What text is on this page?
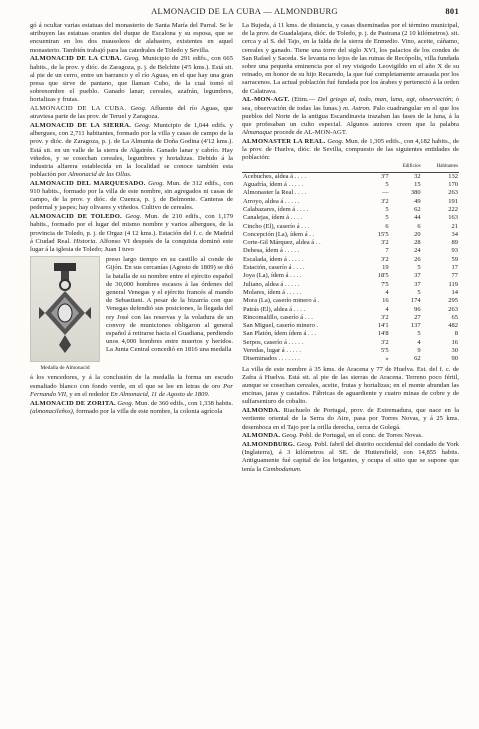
ALMONACID DE LA CUBA — ALMONDBURG	801

gó á ocultar varias estatuas del monasterio de Santa María del Parral. Se le atribuyen las estatuas orantes del duque de Escalona y su esposa, que se encuentran en los dos mausoleos de alabastro, existentes en aquel monasterio. También trabajó para las catedrales de Toledo y Sevilla.

ALMONACID DE LA CUBA. Geog. Municipio de 291 edifs., con 665 habits., de la prov. y dióc. de Zaragoza, p. j. de Belchite (4'5 kms.). Está sit. al pie de un cerro, entre un barranco y el río Aguas, en el que hay una gran presa que sirve de pantano, que llaman Cubo, de la cual tomó el sobrenombre el pueblo. Ganado lanar; cereales, azafrán, legumbres, hortalizas y frutas.

ALMONACID DE LA CUBA. Geog. Afluente del río Aguas, que atraviesa parte de las prov. de Teruel y Zaragoza.

ALMONACID DE LA SIERRA. Geog. Municipio de 1,044 edifs. y albergues, con 2,711 habitantes, formado por la villa y casas de campo de la prov. y dióc. de Zaragoza, p. j. de La Almunia de Doña Godina (4'12 kms.). Está sit. en un valle de la sierra de Algairén. Ganado lanar y cabrío. Hay viñedos, y se cosechan cereales, legumbres y hortalizas. Debido á la industria alfarera establecida en la localidad se conoce también esta población por Almonacid de las Ollas.

ALMONACID DEL MARQUESADO. Geog. Mun. de 312 edifs., con 910 habits., formado por la villa de este nombre, sin agregados ni casas de campo, de la prov. y dióc. de Cuenca, p. j. de Belmonte. Canteras de pedernal y jaspes; hay olivares y viñedos. Cultivo de cereales.

ALMONACID DE TOLEDO. Geog. Mun. de 210 edifs., con 1,179 habits., formado por el lugar del mismo nombre y varios albergues, de la provincia de Toledo, p. j. de Orgaz (4 12 kms.). Estación del f. c. de Madrid á Ciudad Real. Historia. Alfonso VI después de la conquista dominó este lugar á la iglesia de Toledo; Juan I tuvo

Medalla de Almonacid
preso largo tiempo en su castillo al conde de Gijón. En sus cercanías (Agosto de 1809) se dió la batalla de su nombre entre el ejército español de 30,000 hombres escasos á las órdenes del general Venegas y el ejército francés al mando de Sebastiani. A pesar de la bizarría con que Venegas defendió sus posiciones, la llegada del rey José con las reservas y la voladura de un convoy de municiones obligaron al general español á retirarse hacia el Guadiana, perdiendo unos 4,000 hombres entre muertos y heridos. La Junta Central concedió en 1816 una medalla

á los vencedores, y á la conclusión de la medalla la forma un escudo esmaltado blanco con fondo verde, en el que se lee en letras de oro Por Fernando VII, y en el rededor En Almonacid, 11 de Agosto de 1809.

ALMONACID DE ZORITA. Geog. Mun. de 360 edifs., con 1,338 habits. (almonacileños), formado por la villa de este nombre, la colonia agrícola

La Bujeda, á 11 kms. de distancia, y casas diseminadas por el término municipal, de la prov. de Guadalajara, dióc. de Toledo, p. j. de Pastrana (2 10 kilómetros). sit. cerca y al S. del Tajo, en la falda de la sierra de Enmedio. Vino, aceite, cáñamo, cereales y ganado. Tiene una torre del siglo XVI, los palacios de los condes de San Rafael y Saceda. Se levanta no lejos de las ruinas de Recópolis, villa fundada sobre una pequeña eminencia por el rey visigodo Leovigildo en el año X de su reinado, en honor de su hijo Recaredo, la que fué completamente arrasada por los sarracenos. La actual población fué fundada por los árabes y perteneció á la orden de Calatrava.

AL-MON-AGT. (Etim.— Del griego al, todo, man, luna, agt, observación; ó sea, observación de todas las lunas.) m. Astron. Palo cuadrangular en el que los pueblos del Norte de la antigua Escandinavia trazaban las fases de la luna, á la que profesaban un culto especial. Algunos autores creen que la palabra Almanaque procede de AL-MON-AGT.

ALMONASTER LA REAL. Geog. Mun. de 1,305 edifs., con 4,182 habits., de la prov. de Huelva, dióc. de Sevilla, compuesto de las siguientes entidades de población:

		Edificios	Habitantes
Acebuches, aldea á . . . .	3'7	32	132
Aguafría, ídem á . . . . .	5	15	170
Almonaster la Real . . . .	—	380	263
Arroyo, aldea á . . . . .	3'2	49	191
Calabazares, ídem á . . . .	5	62	222
Canalejas, ídem á . . . .	5	44	163
Cincho (El), caserío á . . .	6	6	21
Concepción (La), ídem á . .	15'5	20	34
Corte-Gil Márquez, aldea á . .	3'2	28	89
Dehesa, ídem á . . . . .	7	24	93
Escalada, ídem á . . . . .	3'2	26	59
Estación, caserío á . . . .	19	5	17
Joya (La), ídem á . . . .	18'5	37	77
Juliano, aldea á . . . . .	7'5	37	119
Molares, ídem á . . . . .	4	5	14
Mora (La), caserío minero á .	16	174	295
Patrás (El), aldea á . . . .	4	96	263
Rincomalillo, caserío á . . .	3'2	27	65
San Miguel, caserío minero .	14'1	137	482
San Platón, ídem ídem á . . .	14'8	5	8
Serpos, caserío á . . . . .	3'2	4	16
Veredas, lugar á . . . . .	5'5	9	30
Diseminados . . . . . . .	»	62	90

La villa de este nombre á 35 kms. de Aracena y 77 de Huelva. Est. del f. c. de Zafra á Huelva. Está sit. al pie de las sierras de Aracena. Terreno poco fértil, aunque se cosechan cereales, aceite, frutas y hortalizas; en el monte abundan las encinas, jaras y castaños. Fábricas de aguardiente y cuatro minas de cobre y de sulfarseniuro de cobalto.

ALMONDA. Riachuelo de Portugal, prov. de Extremadura, que nace en la vertiente oriental de la Serra do Aire, pasa por Torres Novas, y á 25 kms. desemboca en el Tajo por la orilla derecha, cerca de Golegá.

ALMONDA. Geog. Pobl. de Portugal, en el conc. de Torres Novas.

ALMONDBURG. Geog. Pobl. fabril del distrito occidental del condado de York (Inglaterra), á 3 kilómetros al SE. de Huttersfield, con 14,855 habits. Antiguamente fué capital de los brigantes, y ocupa el sitio que se supone que tenía la Cambodunum.
